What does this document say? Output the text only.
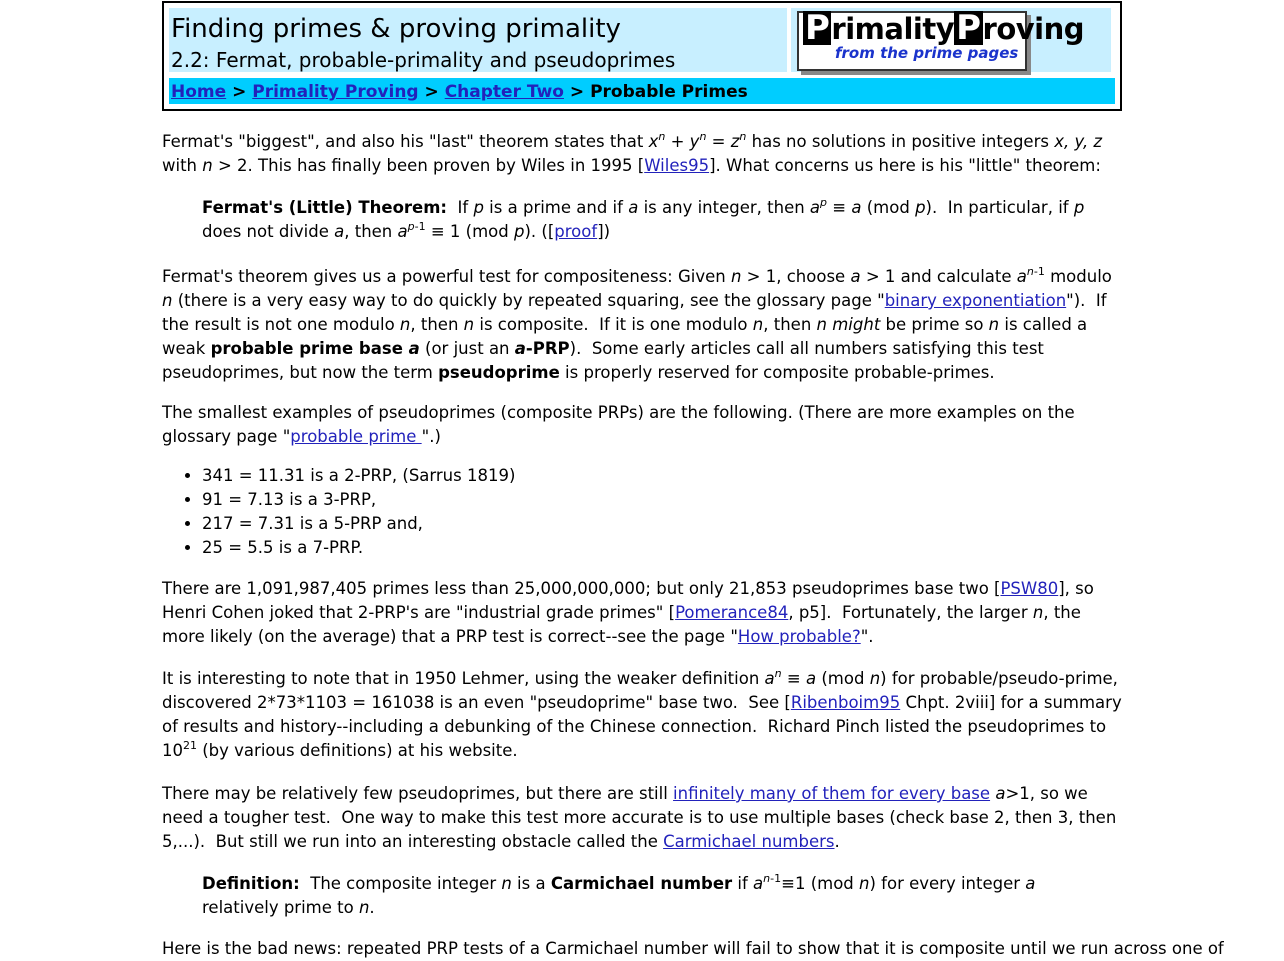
Finding primes & proving primality
2.2: Fermat, probable-primality and pseudoprimes
PrimalityProving
from the prime pages
Home > Primality Proving > Chapter Two > Probable Primes
Fermat's "biggest", and also his "last" theorem states that $x^n + y^n = z^n$ has no solutions in positive integers x, y, z with n > 2. This has finally been proven by Wiles in 1995 [Wiles95]. What concerns us here is his "little" theorem:
Fermat's (Little) Theorem:  If p is a prime and if a is any integer, then $a^p \equiv a$ (mod p).  In particular, if p does not divide a, then $a^{p-1} \equiv 1$ (mod p). ([proof])
Fermat's theorem gives us a powerful test for compositeness: Given n > 1, choose a > 1 and calculate $a^{n-1}$ modulo n (there is a very easy way to do quickly by repeated squaring, see the glossary page "binary exponentiation").  If the result is not one modulo n, then n is composite.  If it is one modulo n, then n might be prime so n is called a weak probable prime base a (or just an a-PRP).  Some early articles call all numbers satisfying this test pseudoprimes, but now the term pseudoprime is properly reserved for composite probable-primes.
The smallest examples of pseudoprimes (composite PRPs) are the following. (There are more examples on the glossary page "probable prime ".)
• 341 = 11.31 is a 2-PRP, (Sarrus 1819)
• 91 = 7.13 is a 3-PRP,
• 217 = 7.31 is a 5-PRP and,
• 25 = 5.5 is a 7-PRP.
There are 1,091,987,405 primes less than 25,000,000,000; but only 21,853 pseudoprimes base two [PSW80], so Henri Cohen joked that 2-PRP's are "industrial grade primes" [Pomerance84, p5].  Fortunately, the larger n, the more likely (on the average) that a PRP test is correct--see the page "How probable?".
It is interesting to note that in 1950 Lehmer, using the weaker definition $a^n \equiv a$ (mod n) for probable/pseudo-prime, discovered 2*73*1103 = 161038 is an even "pseudoprime" base two.  See [Ribenboim95 Chpt. 2viii] for a summary of results and history--including a debunking of the Chinese connection.  Richard Pinch listed the pseudoprimes to $10^{21}$ (by various definitions) at his website.
There may be relatively few pseudoprimes, but there are still infinitely many of them for every base a>1, so we need a tougher test.  One way to make this test more accurate is to use multiple bases (check base 2, then 3, then 5,...).  But still we run into an interesting obstacle called the Carmichael numbers.
Definition:  The composite integer n is a Carmichael number if $a^{n-1}\equiv 1$ (mod n) for every integer a relatively prime to n.
Here is the bad news: repeated PRP tests of a Carmichael number will fail to show that it is composite until we run across one of
